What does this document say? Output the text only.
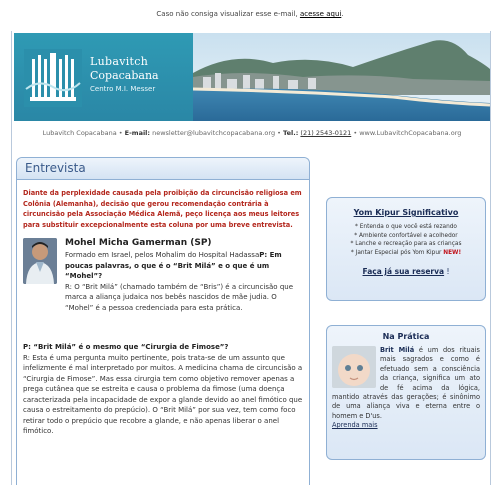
Caso não consiga visualizar esse e-mail, acesse aqui.
Lubavitch
Copacabana
Centro M.I. Messer
Lubavitch Copacabana • E-mail: newsletter@lubavitchcopacabana.org • Tel.: (21) 2543-0121 • www.LubavitchCopacabana.org
Entrevista
Diante da perplexidade causada pela proibição da circuncisão religiosa em Colônia (Alemanha), decisão que gerou recomendação contrária à circuncisão pela Associação Médica Alemã, peço licença aos meus leitores para substituir excepcionalmente esta coluna por uma breve entrevista.
Mohel Micha Gamerman (SP)
Formado em Israel, pelos Mohalim do Hospital HadassaP: Em poucas palavras, o que é o “Brit Milá” e o que é um “Mohel”?
R: O “Brit Milá” (chamado também de “Bris”) é a circuncisão que marca a aliança judaica nos bebês nascidos de mãe judia. O “Mohel” é a pessoa credenciada para esta prática.
P: “Brit Milá” é o mesmo que “Cirurgia de Fimose”?
R: Esta é uma pergunta muito pertinente, pois trata-se de um assunto que infelizmente é mal interpretado por muitos. A medicina chama de circuncisão a “Cirurgia de Fimose”. Mas essa cirurgia tem como objetivo remover apenas a prega cutânea que se estreita e causa o problema da fimose (uma doença caracterizada pela incapacidade de expor a glande devido ao anel fimótico que causa o estreitamento do prepúcio). O “Brit Milá” por sua vez, tem como foco retirar todo o prepúcio que recobre a glande, e não apenas liberar o anel fimótico.
Yom Kipur Significativo
* Entenda o que você está rezando
* Ambiente confortável e acolhedor
* Lanche e recreação para as crianças
* Jantar Especial pós Yom Kipur NEW!
Faça já sua reserva !
Na Prática
Brit Milá é um dos rituais mais sagrados e como é efetuado sem a consciência da criança, significa um ato de fé acima da lógica, mantido através das gerações; é sinônimo de uma aliança viva e eterna entre o homem e D'us.
Aprenda mais
